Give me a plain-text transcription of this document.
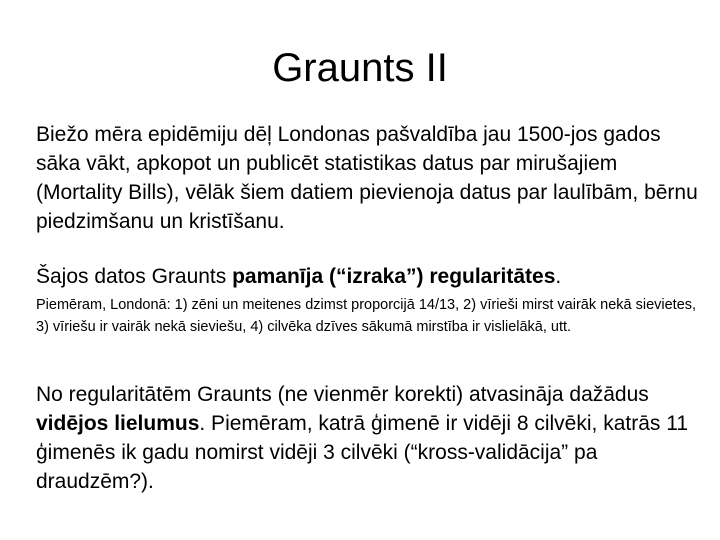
Graunts II

Biežo mēra epidēmiju dēļ Londonas pašvaldība jau 1500-jos gados sāka vākt, apkopot un publicēt statistikas datus par mirušajiem (Mortality Bills), vēlāk šiem datiem pievienoja datus par laulībām, bērnu piedzimšanu un kristīšanu.

Šajos datos Graunts pamanīja (“izraka”) regularitātes.

Piemēram, Londonā: 1) zēni un meitenes dzimst proporcijā 14/13, 2) vīrieši mirst vairāk nekā sievietes, 3) vīriešu ir vairāk nekā sieviešu, 4) cilvēka dzīves sākumā mirstība ir vislielākā, utt.

No regularitātēm Graunts (ne vienmēr korekti) atvasināja dažādus vidējos lielumus. Piemēram, katrā ģimenē ir vidēji 8 cilvēki, katrās 11 ģimenēs ik gadu nomirst vidēji 3 cilvēki (“kross-validācija” pa draudzēm?).
